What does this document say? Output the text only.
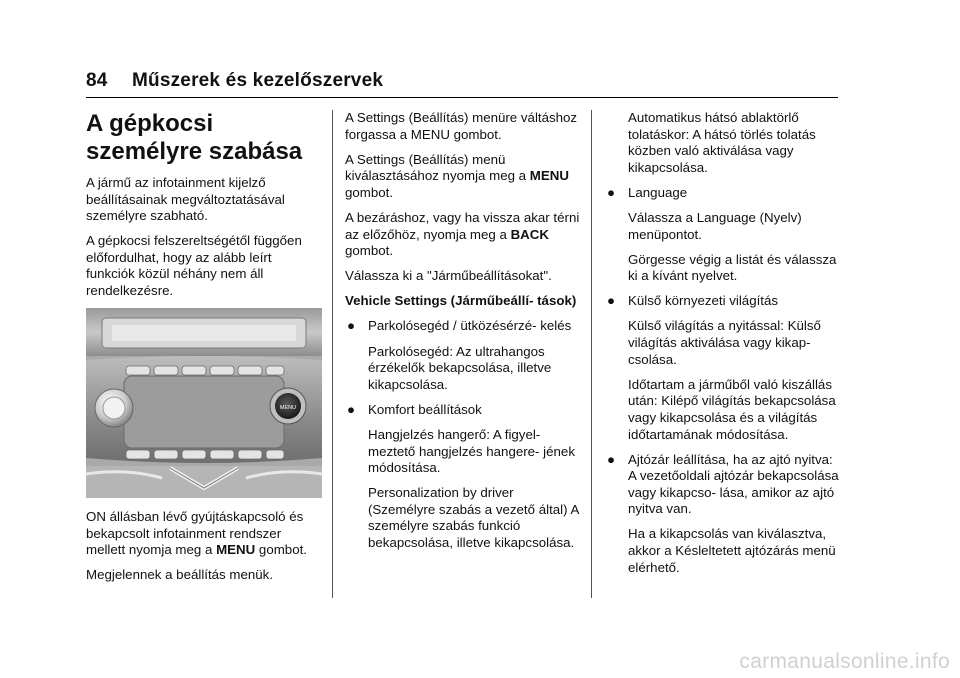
84 Műszerek és kezelőszervek
A gépkocsi személyre szabása

A jármű az infotainment kijelző beállításainak megváltoztatásával személyre szabható.

A gépkocsi felszereltségétől függően előfordulhat, hogy az alább leírt funkciók közül néhány nem áll rendelkezésre.

MENU

ON állásban lévő gyújtáskapcsoló és bekapcsolt infotainment rendszer mellett nyomja meg a MENU gombot.

Megjelennek a beállítás menük.

A Settings (Beállítás) menüre váltáshoz forgassa a MENU gombot.

A Settings (Beállítás) menü kiválasztásához nyomja meg a MENU gombot.

A bezáráshoz, vagy ha vissza akar térni az előzőhöz, nyomja meg a BACK gombot.

Válassza ki a "Járműbeállításokat".

Vehicle Settings (Járműbeállí- tások)

● Parkolósegéd / ütközésérzé- kelés

Parkolósegéd: Az ultrahangos érzékelők bekapcsolása, illetve kikapcsolása.

● Komfort beállítások

Hangjelzés hangerő: A figyel- meztető hangjelzés hangere- jének módosítása.

Personalization by driver (Személyre szabás a vezető által) A személyre szabás funkció bekapcsolása, illetve kikapcsolása.

Automatikus hátsó ablaktörlő tolatáskor: A hátsó törlés tolatás közben való aktiválása vagy kikapcsolása.

● Language

Válassza a Language (Nyelv) menüpontot.

Görgesse végig a listát és válassza ki a kívánt nyelvet.

● Külső környezeti világítás

Külső világítás a nyitással: Külső világítás aktiválása vagy kikap- csolása.

Időtartam a járműből való kiszállás után: Kilépő világítás bekapcsolása vagy kikapcsolása és a világítás időtartamának módosítása.

● Ajtózár leállítása, ha az ajtó nyitva: A vezetőoldali ajtózár bekapcsolása vagy kikapcso- lása, amikor az ajtó nyitva van.

Ha a kikapcsolás van kiválasztva, akkor a Késleltetett ajtózárás menü elérhető.

carmanualsonline.info
